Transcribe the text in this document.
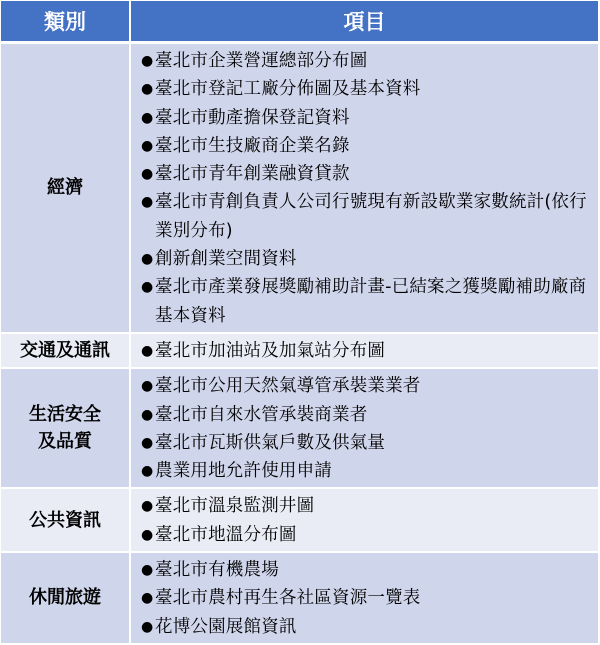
類別	項目
經濟
● 臺北市企業營運總部分布圖
● 臺北市登記工廠分佈圖及基本資料
● 臺北市動產擔保登記資料
● 臺北市生技廠商企業名錄
● 臺北市青年創業融資貸款
● 臺北市青創負責人公司行號現有新設歇業家數統計(依行業別分布)
● 創新創業空間資料
● 臺北市產業發展獎勵補助計畫-已結案之獲獎勵補助廠商基本資料
交通及通訊 ● 臺北市加油站及加氣站分布圖
生活安全
及品質
● 臺北市公用天然氣導管承裝業業者
● 臺北市自來水管承裝商業者
● 臺北市瓦斯供氣戶數及供氣量
● 農業用地允許使用申請
公共資訊
● 臺北市溫泉監測井圖
● 臺北市地溫分布圖
休閒旅遊
● 臺北市有機農場
● 臺北市農村再生各社區資源一覽表
● 花博公園展館資訊
